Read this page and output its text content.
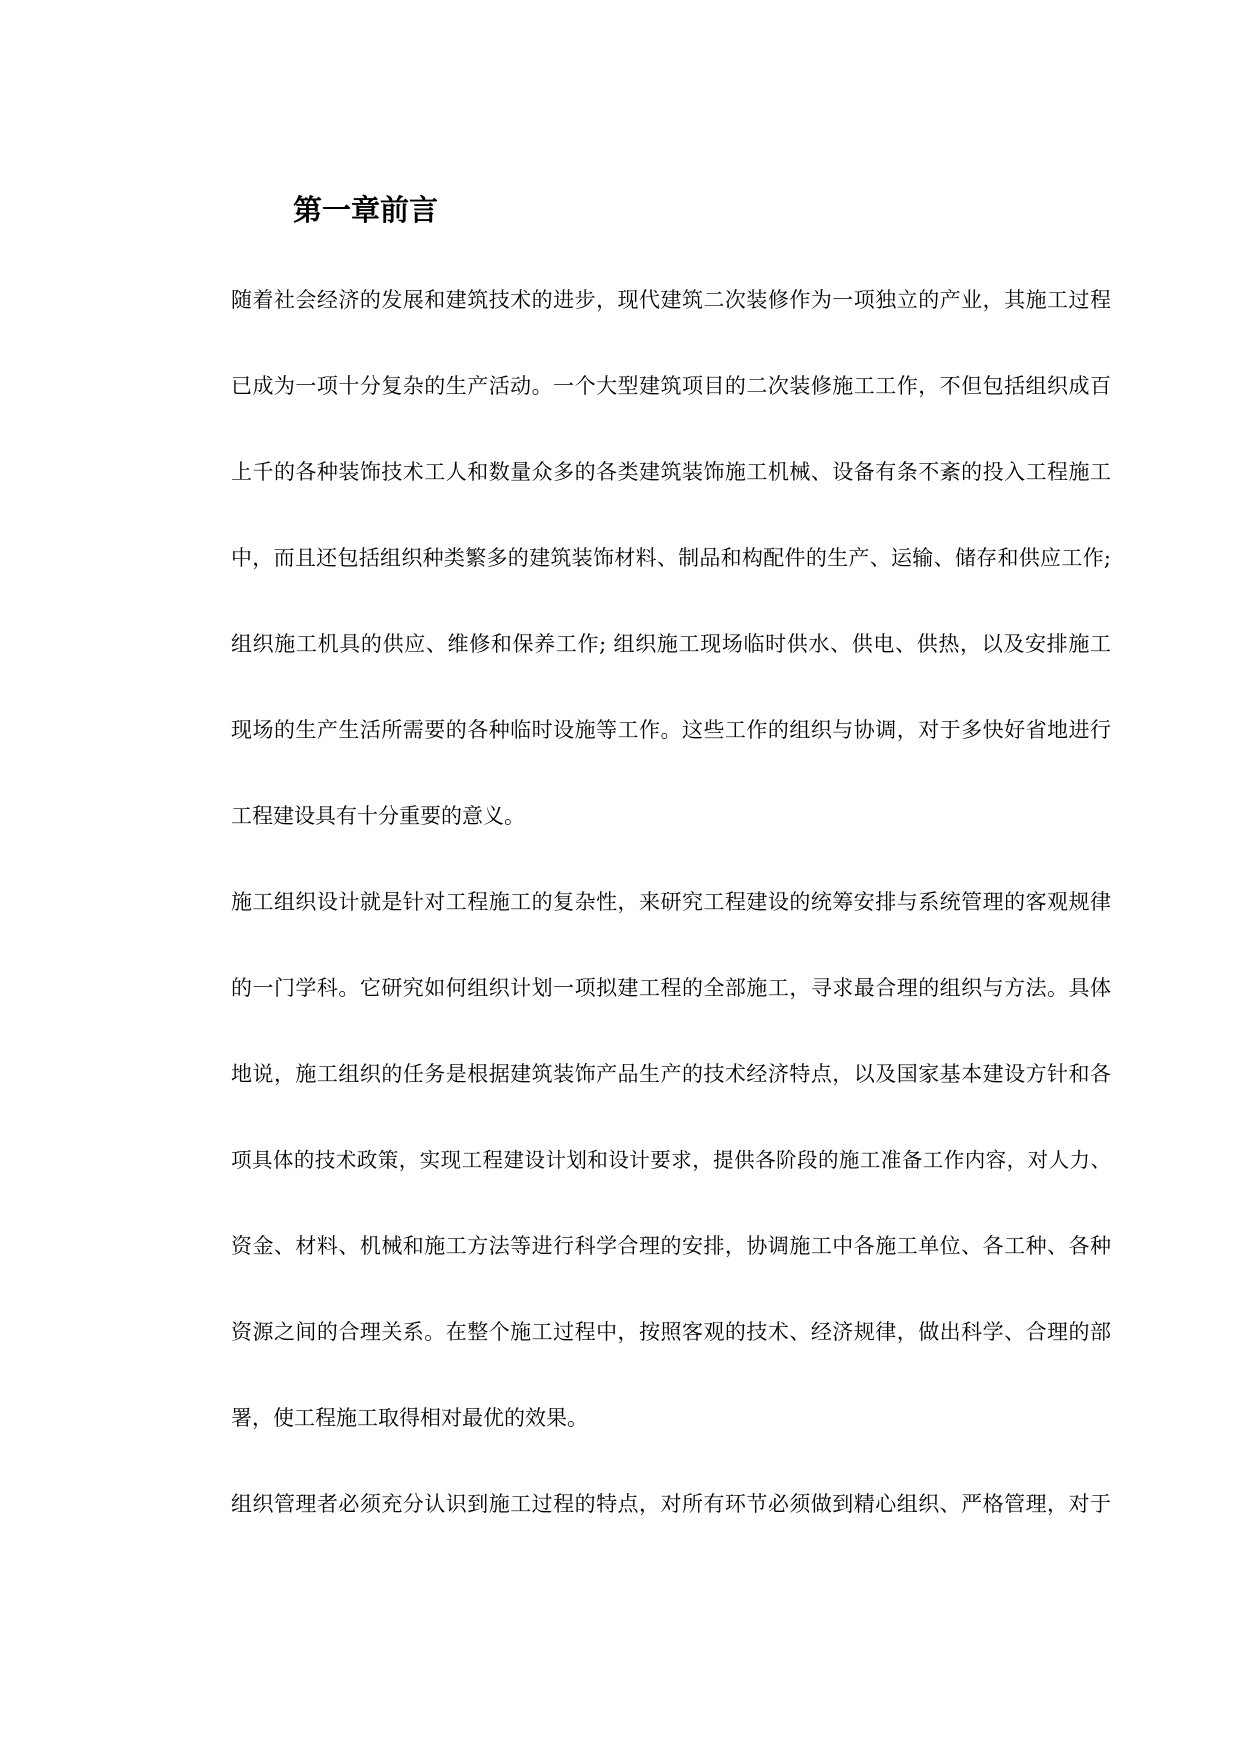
第一章前言
随着社会经济的发展和建筑技术的进步，现代建筑二次装修作为一项独立的产业，其施工过程
已成为一项十分复杂的生产活动。一个大型建筑项目的二次装修施工工作，不但包括组织成百
上千的各种装饰技术工人和数量众多的各类建筑装饰施工机械、设备有条不紊的投入工程施工
中，而且还包括组织种类繁多的建筑装饰材料、制品和构配件的生产、运输、储存和供应工作;
组织施工机具的供应、维修和保养工作; 组织施工现场临时供水、供电、供热，以及安排施工
现场的生产生活所需要的各种临时设施等工作。这些工作的组织与协调，对于多快好省地进行
工程建设具有十分重要的意义。
施工组织设计就是针对工程施工的复杂性，来研究工程建设的统筹安排与系统管理的客观规律
的一门学科。它研究如何组织计划一项拟建工程的全部施工，寻求最合理的组织与方法。具体
地说，施工组织的任务是根据建筑装饰产品生产的技术经济特点，以及国家基本建设方针和各
项具体的技术政策，实现工程建设计划和设计要求，提供各阶段的施工准备工作内容，对人力、
资金、材料、机械和施工方法等进行科学合理的安排，协调施工中各施工单位、各工种、各种
资源之间的合理关系。在整个施工过程中，按照客观的技术、经济规律，做出科学、合理的部
署，使工程施工取得相对最优的效果。
组织管理者必须充分认识到施工过程的特点，对所有环节必须做到精心组织、严格管理，对于
